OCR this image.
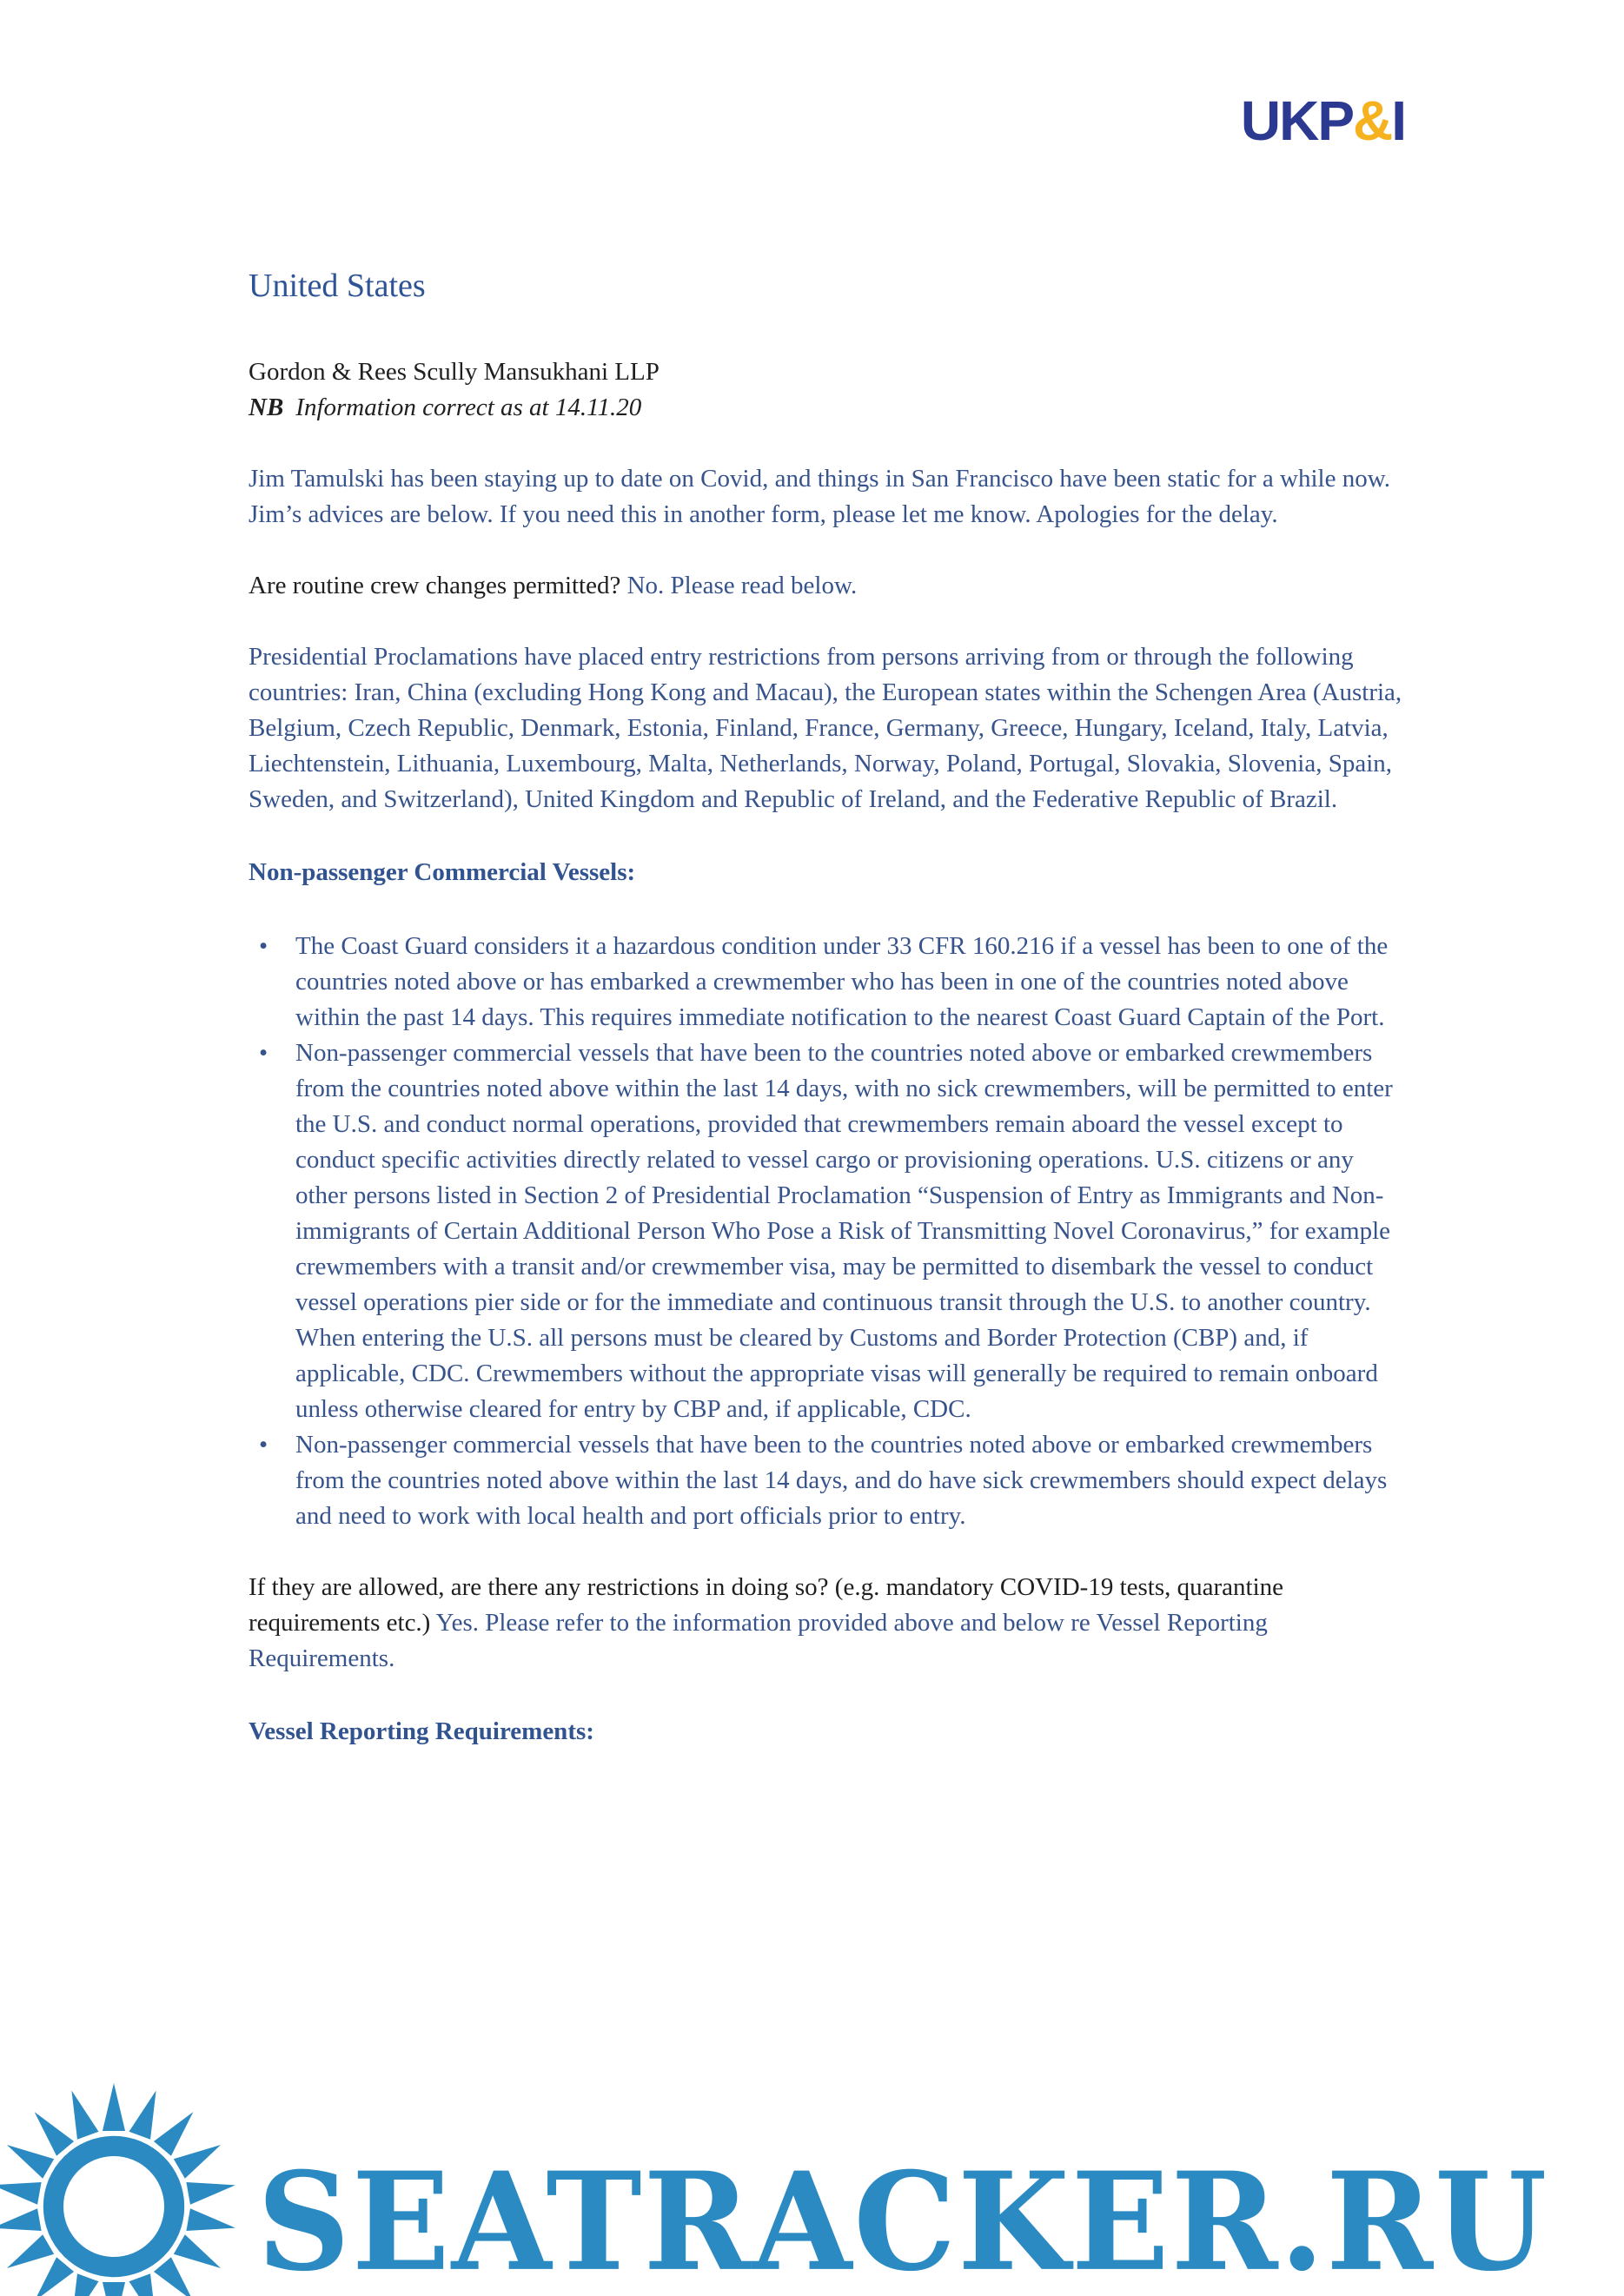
UKP&I
United States
Gordon & Rees Scully Mansukhani LLP
NB Information correct as at 14.11.20

Jim Tamulski has been staying up to date on Covid, and things in San Francisco have been static for a while now. Jim’s advices are below. If you need this in another form, please let me know. Apologies for the delay.

Are routine crew changes permitted? No. Please read below.

Presidential Proclamations have placed entry restrictions from persons arriving from or through the following countries: Iran, China (excluding Hong Kong and Macau), the European states within the Schengen Area (Austria, Belgium, Czech Republic, Denmark, Estonia, Finland, France, Germany, Greece, Hungary, Iceland, Italy, Latvia, Liechtenstein, Lithuania, Luxembourg, Malta, Netherlands, Norway, Poland, Portugal, Slovakia, Slovenia, Spain, Sweden, and Switzerland), United Kingdom and Republic of Ireland, and the Federative Republic of Brazil.

Non-passenger Commercial Vessels:
• The Coast Guard considers it a hazardous condition under 33 CFR 160.216 if a vessel has been to one of the countries noted above or has embarked a crewmember who has been in one of the countries noted above within the past 14 days. This requires immediate notification to the nearest Coast Guard Captain of the Port.
• Non-passenger commercial vessels that have been to the countries noted above or embarked crewmembers from the countries noted above within the last 14 days, with no sick crewmembers, will be permitted to enter the U.S. and conduct normal operations, provided that crewmembers remain aboard the vessel except to conduct specific activities directly related to vessel cargo or provisioning operations. U.S. citizens or any other persons listed in Section 2 of Presidential Proclamation “Suspension of Entry as Immigrants and Non-immigrants of Certain Additional Person Who Pose a Risk of Transmitting Novel Coronavirus,” for example crewmembers with a transit and/or crewmember visa, may be permitted to disembark the vessel to conduct vessel operations pier side or for the immediate and continuous transit through the U.S. to another country. When entering the U.S. all persons must be cleared by Customs and Border Protection (CBP) and, if applicable, CDC. Crewmembers without the appropriate visas will generally be required to remain onboard unless otherwise cleared for entry by CBP and, if applicable, CDC.
• Non-passenger commercial vessels that have been to the countries noted above or embarked crewmembers from the countries noted above within the last 14 days, and do have sick crewmembers should expect delays and need to work with local health and port officials prior to entry.

If they are allowed, are there any restrictions in doing so? (e.g. mandatory COVID-19 tests, quarantine requirements etc.) Yes. Please refer to the information provided above and below re Vessel Reporting Requirements.

Vessel Reporting Requirements:
SEATRACKER.RU
